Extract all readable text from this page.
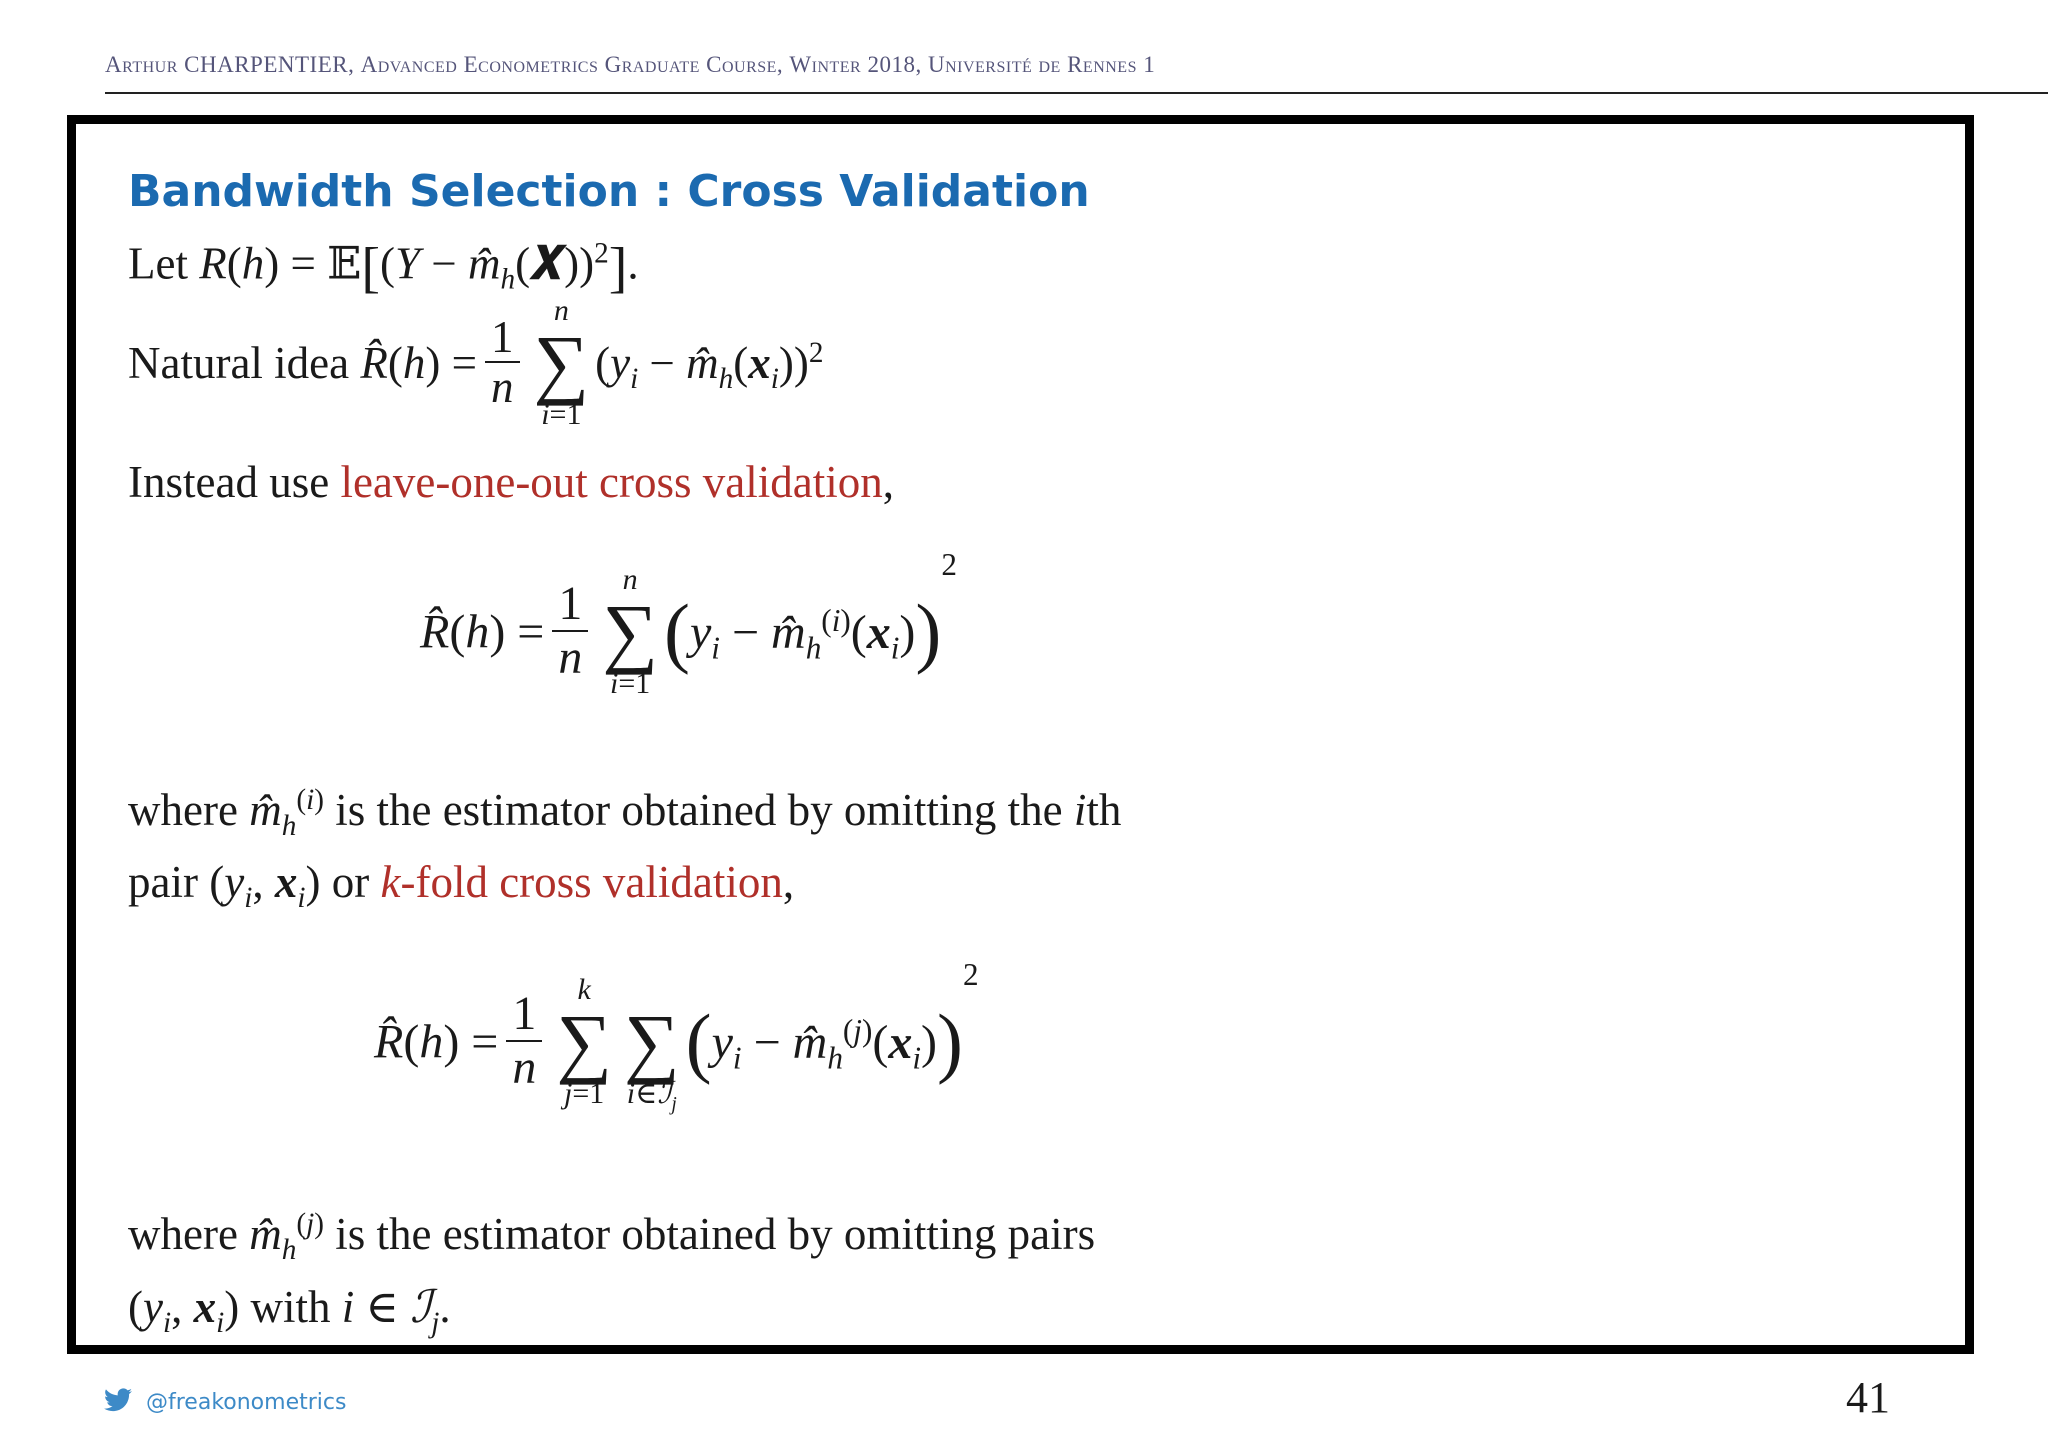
Arthur CHARPENTIER, Advanced Econometrics Graduate Course, Winter 2018, Université de Rennes 1
Bandwidth Selection : Cross Validation
Let R(h) = 𝔼[(Y − $m̂_h(𝑿))^2$].
Natural idea R̂(h) = $\frac{1}{n}$
n
∑
i=1
($y_i$ − $m̂_h(x_i))^2$
Instead use leave-one-out cross validation,
R̂(h) = $\frac{1}{n}$	n
∑
i=1
($y_i$ − $m̂_h^{(i)}(x_i))^2$
where $m̂_h^{(i)}$ is the estimator obtained by omitting the ith
pair ($y_i$, $x_i$) or k-fold cross validation,
R̂(h) = $\frac{1}{n}$	k
∑
j=1

∑
i∈ℐ$_j$
($y_i$ − $m̂_h^{(j)}(x_i))^2$
where $m̂_h^{(j)}$ is the estimator obtained by omitting pairs
($y_i$, $x_i$) with i ∈ ℐ$_j$.
@freakonometrics	41
